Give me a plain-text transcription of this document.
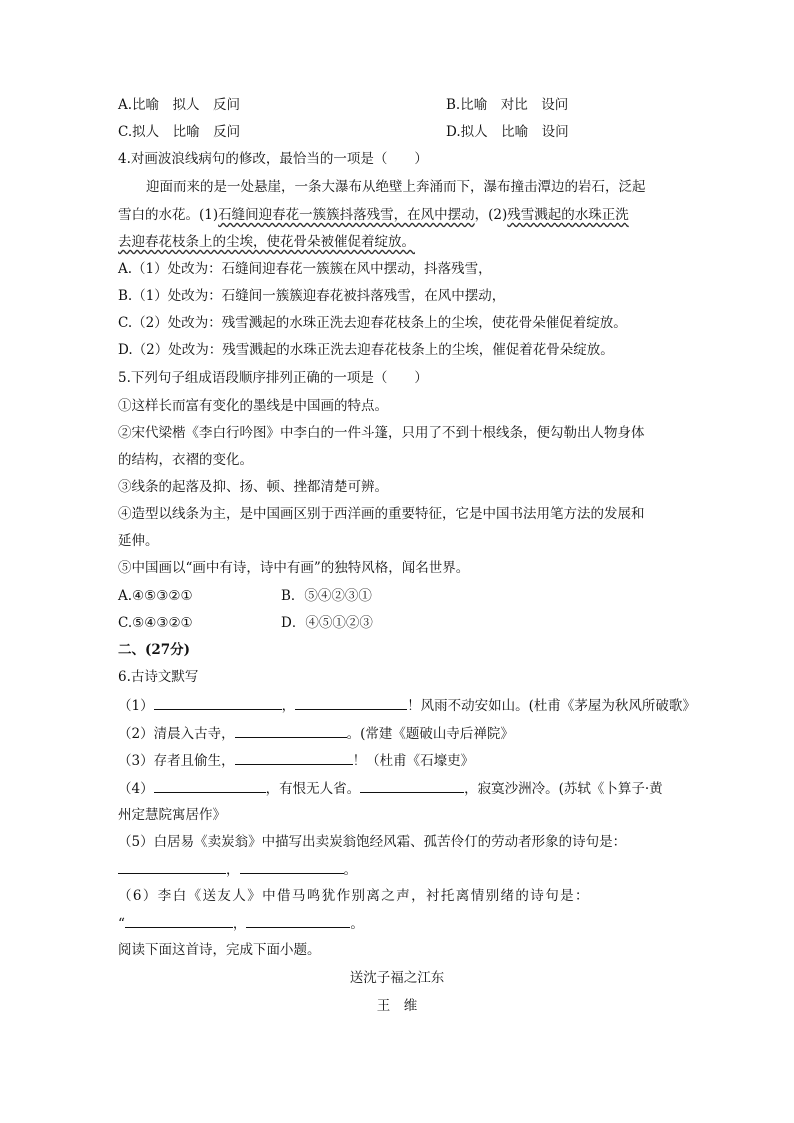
A.比喻　拟人　反问	B.比喻　对比　设问
C.拟人　比喻　反问	D.拟人　比喻　设问
4.对画波浪线病句的修改，最恰当的一项是（　　）
迎面而来的是一处悬崖，一条大瀑布从绝壁上奔涌而下，瀑布撞击潭边的岩石，泛起
雪白的水花。(1)石缝间迎春花一簇簇抖落残雪，在风中摆动，(2)残雪溅起的水珠正洗
去迎春花枝条上的尘埃，使花骨朵被催促着绽放。
A.（1）处改为：石缝间迎春花一簇簇在风中摆动，抖落残雪，
B.（1）处改为：石缝间一簇簇迎春花被抖落残雪，在风中摆动，
C.（2）处改为：残雪溅起的水珠正洗去迎春花枝条上的尘埃，使花骨朵催促着绽放。
D.（2）处改为：残雪溅起的水珠正洗去迎春花枝条上的尘埃，催促着花骨朵绽放。
5.下列句子组成语段顺序排列正确的一项是（　　）
①这样长而富有变化的墨线是中国画的特点。
②宋代梁楷《李白行吟图》中李白的一件斗篷，只用了不到十根线条，便勾勒出人物身体
的结构，衣褶的变化。
③线条的起落及抑、扬、顿、挫都清楚可辨。
④造型以线条为主，是中国画区别于西洋画的重要特征，它是中国书法用笔方法的发展和
延伸。
⑤中国画以“画中有诗，诗中有画”的独特风格，闻名世界。
A.④⑤③②①	B．⑤④②③①
C.⑤④③②①	D．④⑤①②③
二、(27分)
6.古诗文默写
（1）	，	！风雨不动安如山。(杜甫《茅屋为秋风所破歌》
（2）清晨入古寺，	。(常建《题破山寺后禅院》
（3）存者且偷生，	！（杜甫《石壕吏》
（4）	，有恨无人省。	，寂寞沙洲冷。(苏轼《卜算子·黄
州定慧院寓居作》
（5）白居易《卖炭翁》中描写出卖炭翁饱经风霜、孤苦伶仃的劳动者形象的诗句是：
，	。
（6）李白《送友人》中借马鸣犹作别离之声，衬托离情别绪的诗句是：
“	，	。
阅读下面这首诗，完成下面小题。
送沈子福之江东
王　维
